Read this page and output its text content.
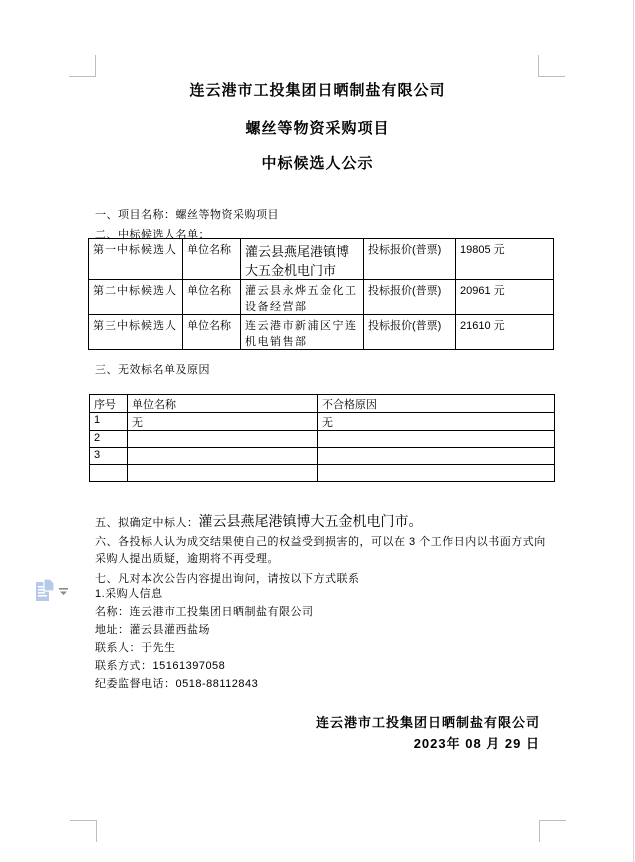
连云港市工投集团日晒制盐有限公司
螺丝等物资采购项目
中标候选人公示
一、项目名称：螺丝等物资采购项目
二、中标候选人名单：
第一中标候选人	单位名称	灌云县燕尾港镇博大五金机电门市	投标报价(普票)	19805 元
第二中标候选人	单位名称	灌云县永烨五金化工设备经营部	投标报价(普票)	20961 元
第三中标候选人	单位名称	连云港市新浦区宁连机电销售部	投标报价(普票)	21610 元
三、无效标名单及原因
序号	单位名称	不合格原因
1	无	无
2		
3		

五、拟确定中标人：灌云县燕尾港镇博大五金机电门市。
六、各投标人认为成交结果使自己的权益受到损害的，可以在 3 个工作日内以书面方式向采购人提出质疑，逾期将不再受理。
七、凡对本次公告内容提出询问，请按以下方式联系
1.采购人信息
名称：连云港市工投集团日晒制盐有限公司
地址：灌云县灌西盐场
联系人：于先生
联系方式：15161397058
纪委监督电话：0518-88112843
连云港市工投集团日晒制盐有限公司
2023年 08 月 29 日
